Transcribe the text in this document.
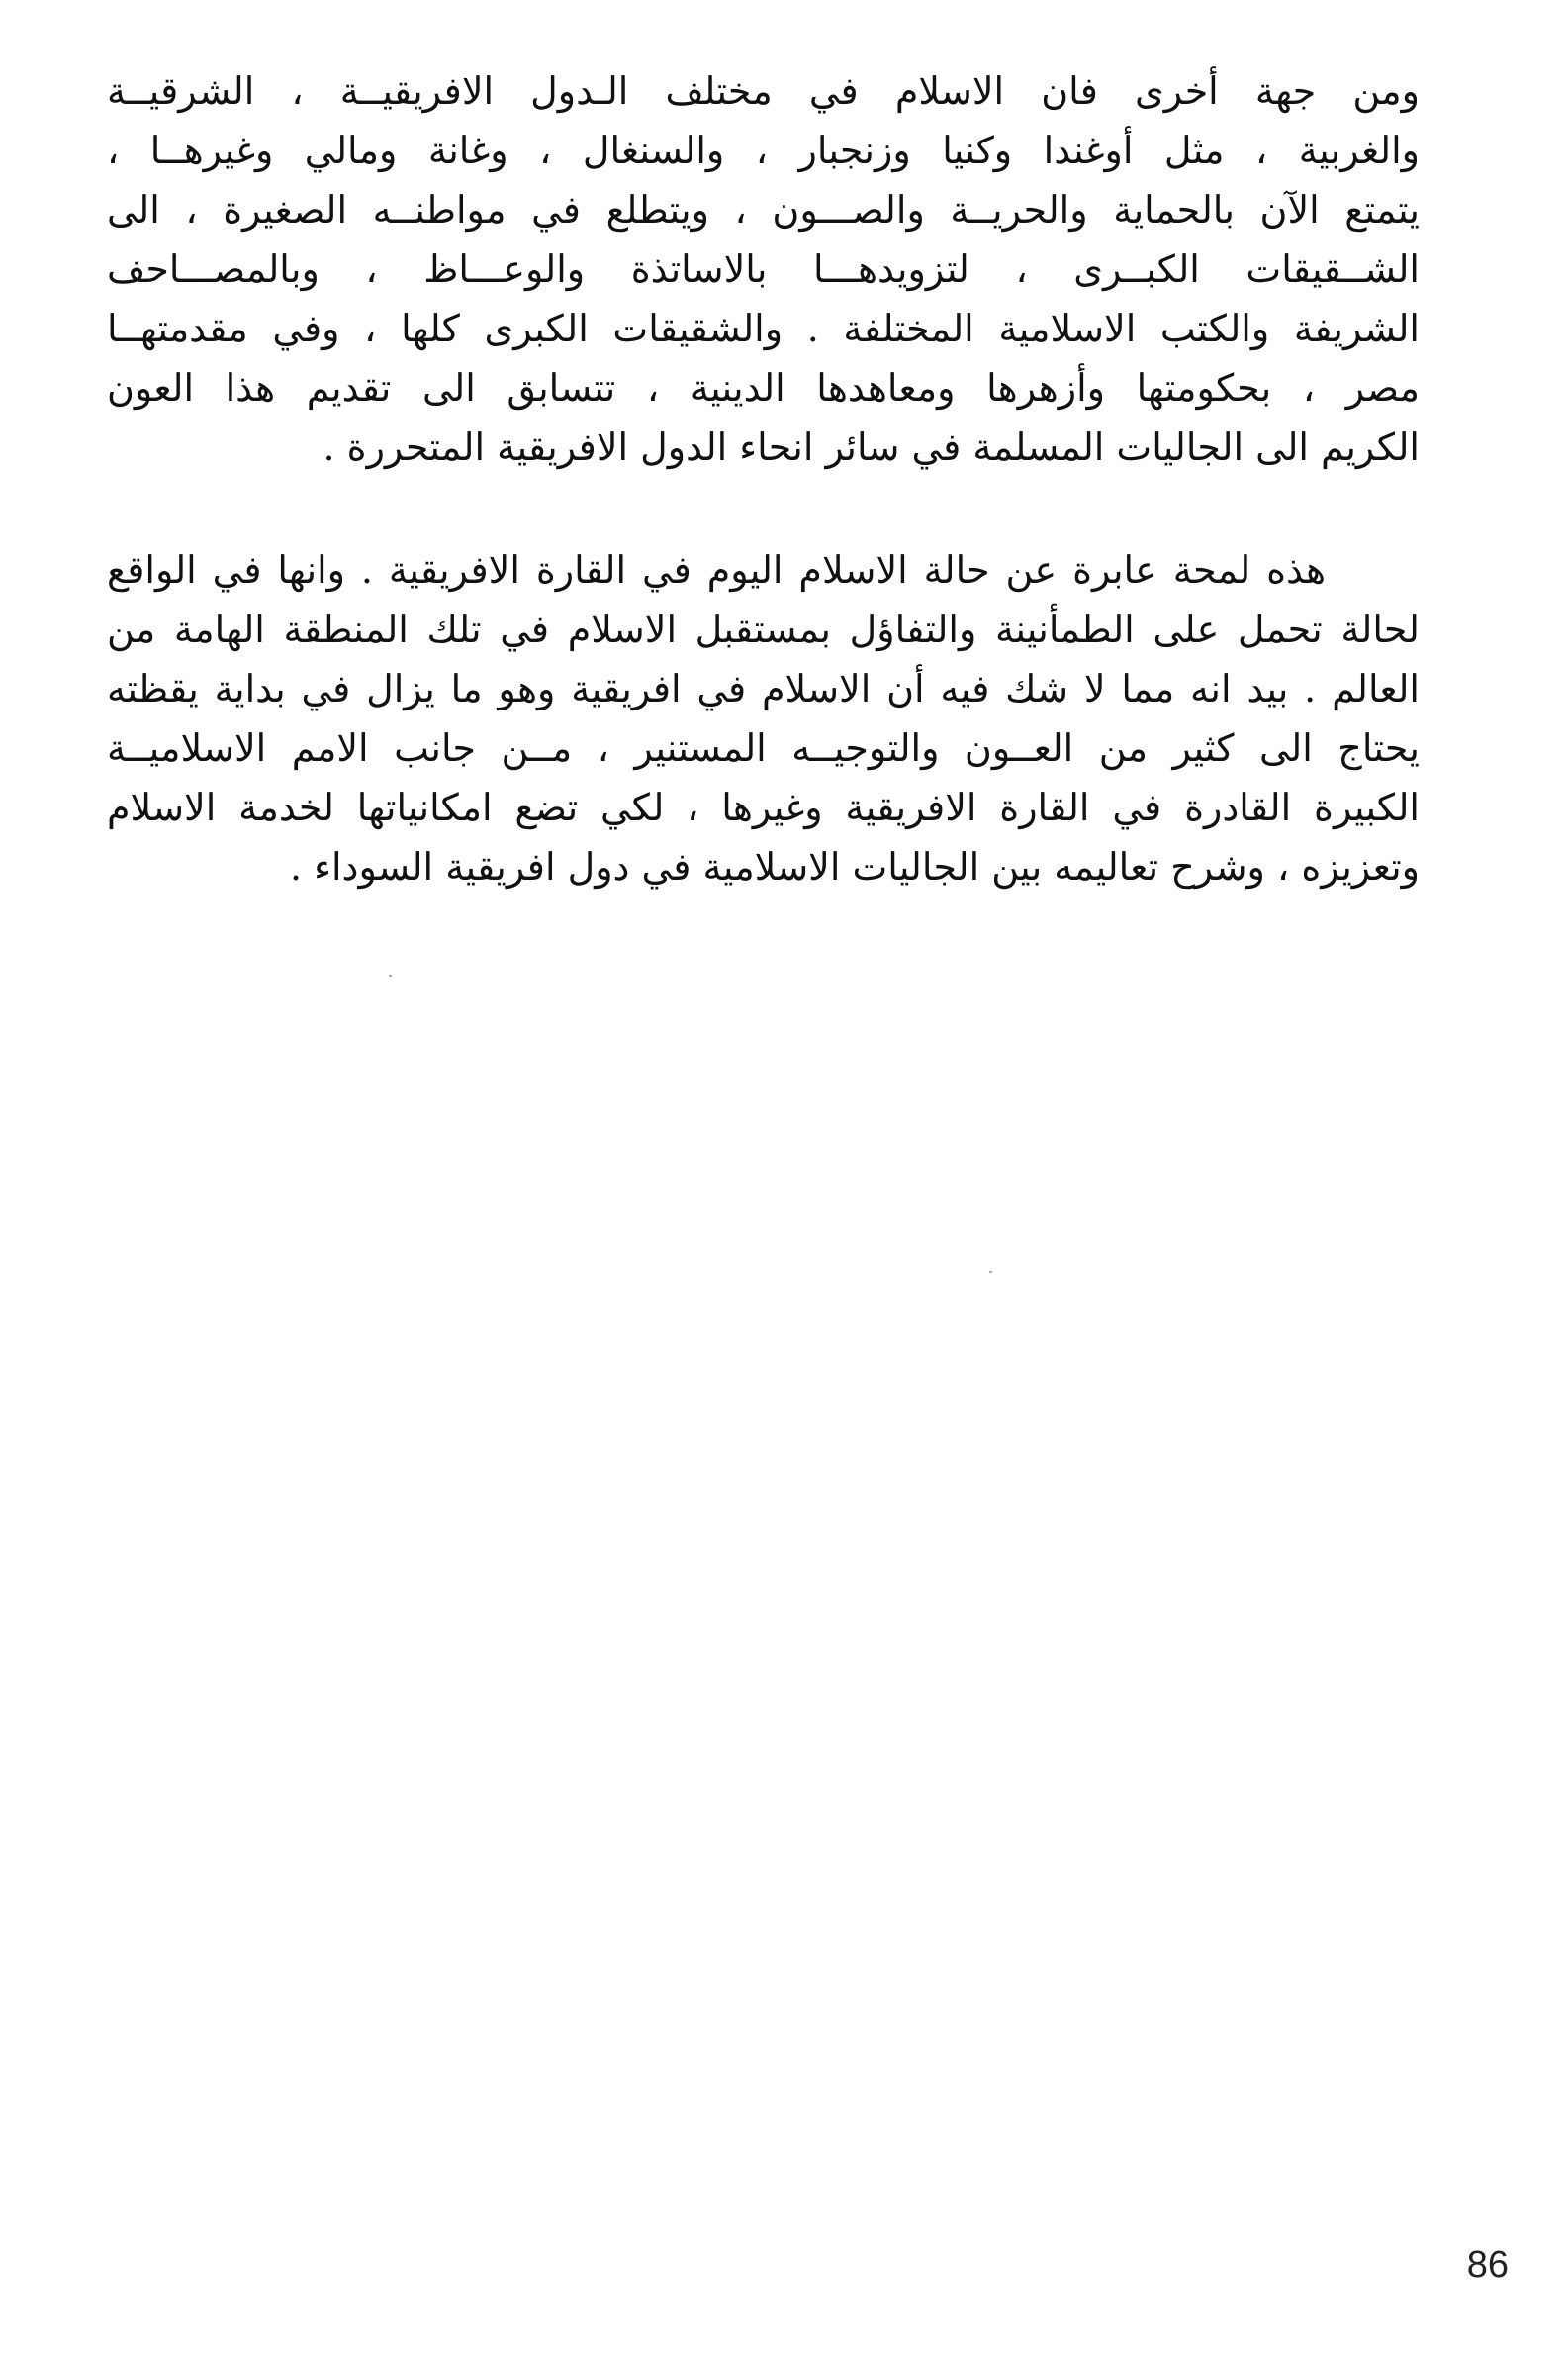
ومن جهة أخرى فان الاسلام في مختلف الـدول الافريقيــة ، الشرقيــة
والغربية ، مثل أوغندا وكنيا وزنجبار ، والسنغال ، وغانة ومالي وغيرهــا ،
يتمتع الآن بالحماية والحريــة والصـــون ، ويتطلع في مواطنــه الصغيرة ، الى
الشــقيقات الكبــرى ، لتزويدهـــا بالاساتذة والوعـــاظ ، وبالمصـــاحف
الشريفة والكتب الاسلامية المختلفة . والشقيقات الكبرى كلها ، وفي مقدمتهــا
مصر ، بحكومتها وأزهرها ومعاهدها الدينية ، تتسابق الى تقديم هذا العون
الكريم الى الجاليات المسلمة في سائر انحاء الدول الافريقية المتحررة .
هذه لمحة عابرة عن حالة الاسلام اليوم في القارة الافريقية . وانها في الواقع
لحالة تحمل على الطمأنينة والتفاؤل بمستقبل الاسلام في تلك المنطقة الهامة من
العالم . بيد انه مما لا شك فيه أن الاسلام في افريقية وهو ما يزال في بداية يقظته
يحتاج الى كثير من العــون والتوجيــه المستنير ، مــن جانب الامم الاسلاميــة
الكبيرة القادرة في القارة الافريقية وغيرها ، لكي تضع امكانياتها لخدمة الاسلام
وتعزيزه ، وشرح تعاليمه بين الجاليات الاسلامية في دول افريقية السوداء .
86
